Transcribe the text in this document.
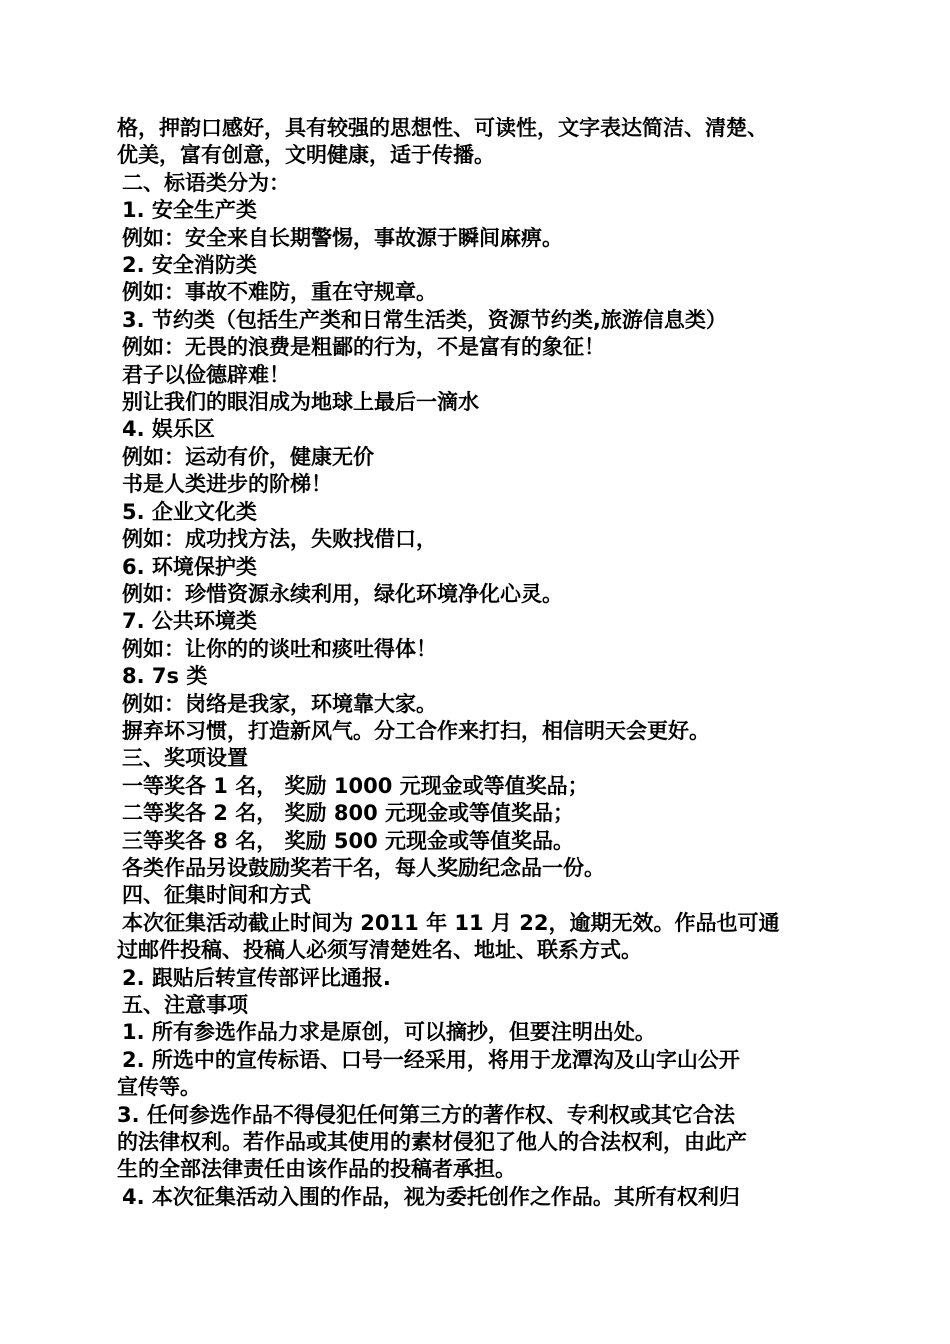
格，押韵口感好，具有较强的思想性、可读性，文字表达简洁、清楚、
优美，富有创意，文明健康，适于传播。
二、标语类分为：
1. 安全生产类
例如：安全来自长期警惕，事故源于瞬间麻痹。
2. 安全消防类
例如：事故不难防，重在守规章。
3. 节约类（包括生产类和日常生活类，资源节约类,旅游信息类）
例如：无畏的浪费是粗鄙的行为，不是富有的象征！
君子以俭德辟难！
别让我们的眼泪成为地球上最后一滴水
4. 娱乐区
例如：运动有价，健康无价
书是人类进步的阶梯！
5. 企业文化类
例如：成功找方法，失败找借口，
6. 环境保护类
例如：珍惜资源永续利用，绿化环境净化心灵。
7. 公共环境类
例如：让你的的谈吐和痰吐得体！
8. 7s 类
例如：岗络是我家，环境靠大家。
摒弃坏习惯，打造新风气。分工合作来打扫，相信明天会更好。
三、奖项设置
一等奖各 1 名， 奖励 1000 元现金或等值奖品；
二等奖各 2 名， 奖励 800 元现金或等值奖品；
三等奖各 8 名， 奖励 500 元现金或等值奖品。
各类作品另设鼓励奖若干名，每人奖励纪念品一份。
四、征集时间和方式
本次征集活动截止时间为 2011 年 11 月 22，逾期无效。作品也可通
过邮件投稿、投稿人必须写清楚姓名、地址、联系方式。
2. 跟贴后转宣传部评比通报.
五、注意事项
1. 所有参选作品力求是原创，可以摘抄，但要注明出处。
2. 所选中的宣传标语、口号一经采用，将用于龙潭沟及山字山公开
宣传等。
3. 任何参选作品不得侵犯任何第三方的著作权、专利权或其它合法
的法律权利。若作品或其使用的素材侵犯了他人的合法权利，由此产
生的全部法律责任由该作品的投稿者承担。
4. 本次征集活动入围的作品，视为委托创作之作品。其所有权利归
